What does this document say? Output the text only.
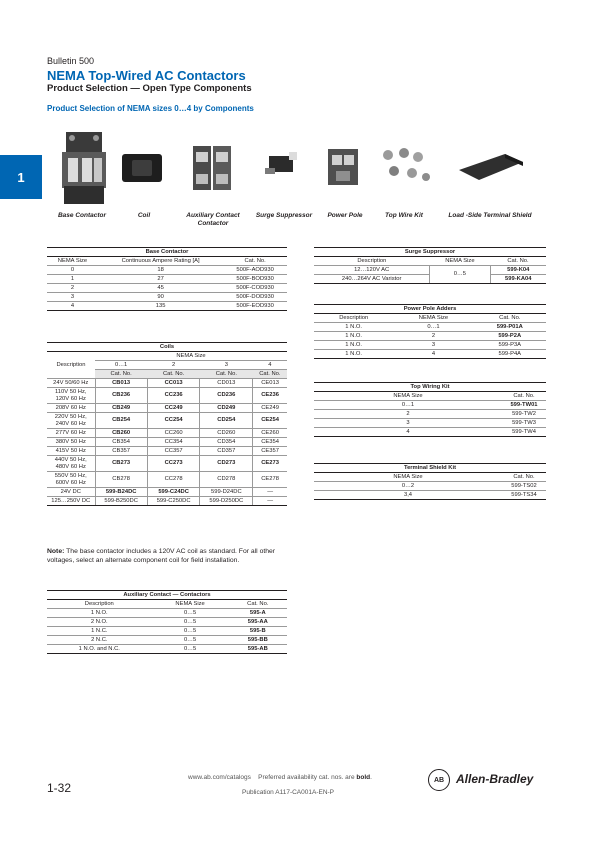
Bulletin 500
NEMA Top-Wired AC Contactors
Product Selection — Open Type Components
Product Selection of NEMA sizes 0…4 by Components
1
Base Contactor	Coil	Auxiliary Contact
Contactor
Surge Suppressor	Power Pole	Top Wire Kit	Load -Side Terminal Shield
Base Contactor		
NEMA Size	Continuous Ampere Rating [A]	Cat. No.
0	18	500F-AOD930
1	27	500F-BOD930
2	45	500F-COD930
3	90	500F-DOD930
4	135	500F-EOD930
Coils				
Description	NEMA Size			
	0…1	2	3	4
	Cat. No.	Cat. No.	Cat. No.	Cat. No.
24V 50/60 Hz	CB013	CC013	CD013	CE013
110V 50 Hz, 120V 60 Hz	CB236	CC236	CD236	CE236
208V 60 Hz	CB249	CC249	CD249	CE249
220V 50 Hz, 240V 60 Hz	CB254	CC254	CD254	CE254
277V 60 Hz	CB260	CC260	CD260	CE260
380V 50 Hz	CB354	CC354	CD354	CE354
415V 50 Hz	CB357	CC357	CD357	CE357
440V 50 Hz, 480V 60 Hz	CB273	CC273	CD273	CE273
550V 50 Hz, 600V 60 Hz	CB278	CC278	CD278	CE278
24V DC	599-B24DC	599-C24DC	599-D24DC	—
125…250V DC	599-B250DC	599-C250DC	599-D250DC	—
Note: The base contactor includes a 120V AC coil as standard. For all other voltages, select an alternate component coil for field installation.
Auxiliary Contact — Contactors		
Description	NEMA Size	Cat. No.
1 N.O.	0…5	595-A
2 N.O.	0…5	595-AA
1 N.C.	0…5	595-B
2 N.C.	0…5	595-BB
1 N.O. and N.C.	0…5	595-AB
Surge Suppressor		
Description	NEMA Size	Cat. No.
12…120V AC	0…5	599-K04
240…264V AC Varistor		599-KA04
Power Pole Adders		
Description	NEMA Size	Cat. No.
1 N.O.	0…1	599-P01A
1 N.O.	2	599-P2A
1 N.O.	3	599-P3A
1 N.O.	4	599-P4A
Top Wiring Kit	
NEMA Size	Cat. No.
0…1	599-TW01
2	599-TW2
3	599-TW3
4	599-TW4
Terminal Shield Kit	
NEMA Size	Cat. No.
0…2	599-TS02
3,4	599-TS34
1-32
www.ab.com/catalogs Preferred availability cat. nos. are bold.
Publication A117-CA001A-EN-P
AB Allen-Bradley
